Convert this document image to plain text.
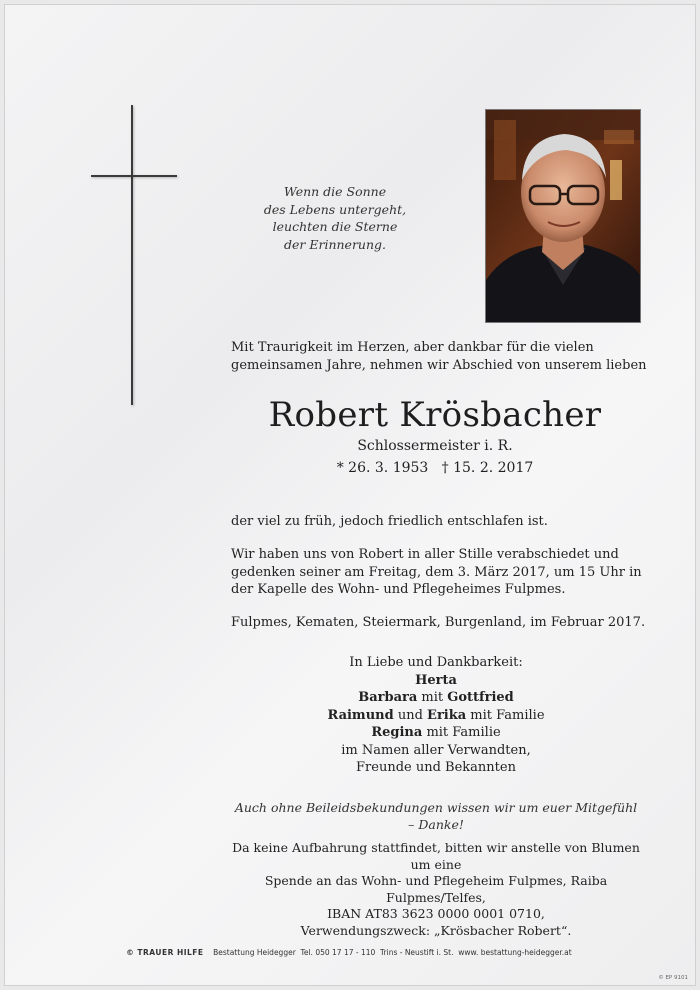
Wenn die Sonne
des Lebens untergeht,
leuchten die Sterne
der Erinnerung.
Mit Traurigkeit im Herzen, aber dankbar für die vielen gemeinsamen Jahre, nehmen wir Abschied von unserem lieben
Robert Krösbacher
Schlossermeister i. R.
* 26. 3. 1953   † 15. 2. 2017
der viel zu früh, jedoch friedlich entschlafen ist.
Wir haben uns von Robert in aller Stille verabschiedet und gedenken seiner am Freitag, dem 3. März 2017, um 15 Uhr in der Kapelle des Wohn- und Pflegeheimes Fulpmes.
Fulpmes, Kematen, Steiermark, Burgenland, im Februar 2017.
In Liebe und Dankbarkeit:
Herta
Barbara mit Gottfried
Raimund und Erika mit Familie
Regina mit Familie
im Namen aller Verwandten,
Freunde und Bekannten
Auch ohne Beileidsbekundungen wissen wir um euer Mitgefühl – Danke!
Da keine Aufbahrung stattfindet, bitten wir anstelle von Blumen um eine
Spende an das Wohn- und Pflegeheim Fulpmes, Raiba Fulpmes/Telfes,
IBAN AT83 3623 0000 0001 0710,
Verwendungszweck: „Krösbacher Robert“.
© TRAUER HILFE    Bestattung Heidegger  Tel. 050 17 17 - 110  Trins - Neustift i. St.  www. bestattung-heidegger.at
© EP 9101
